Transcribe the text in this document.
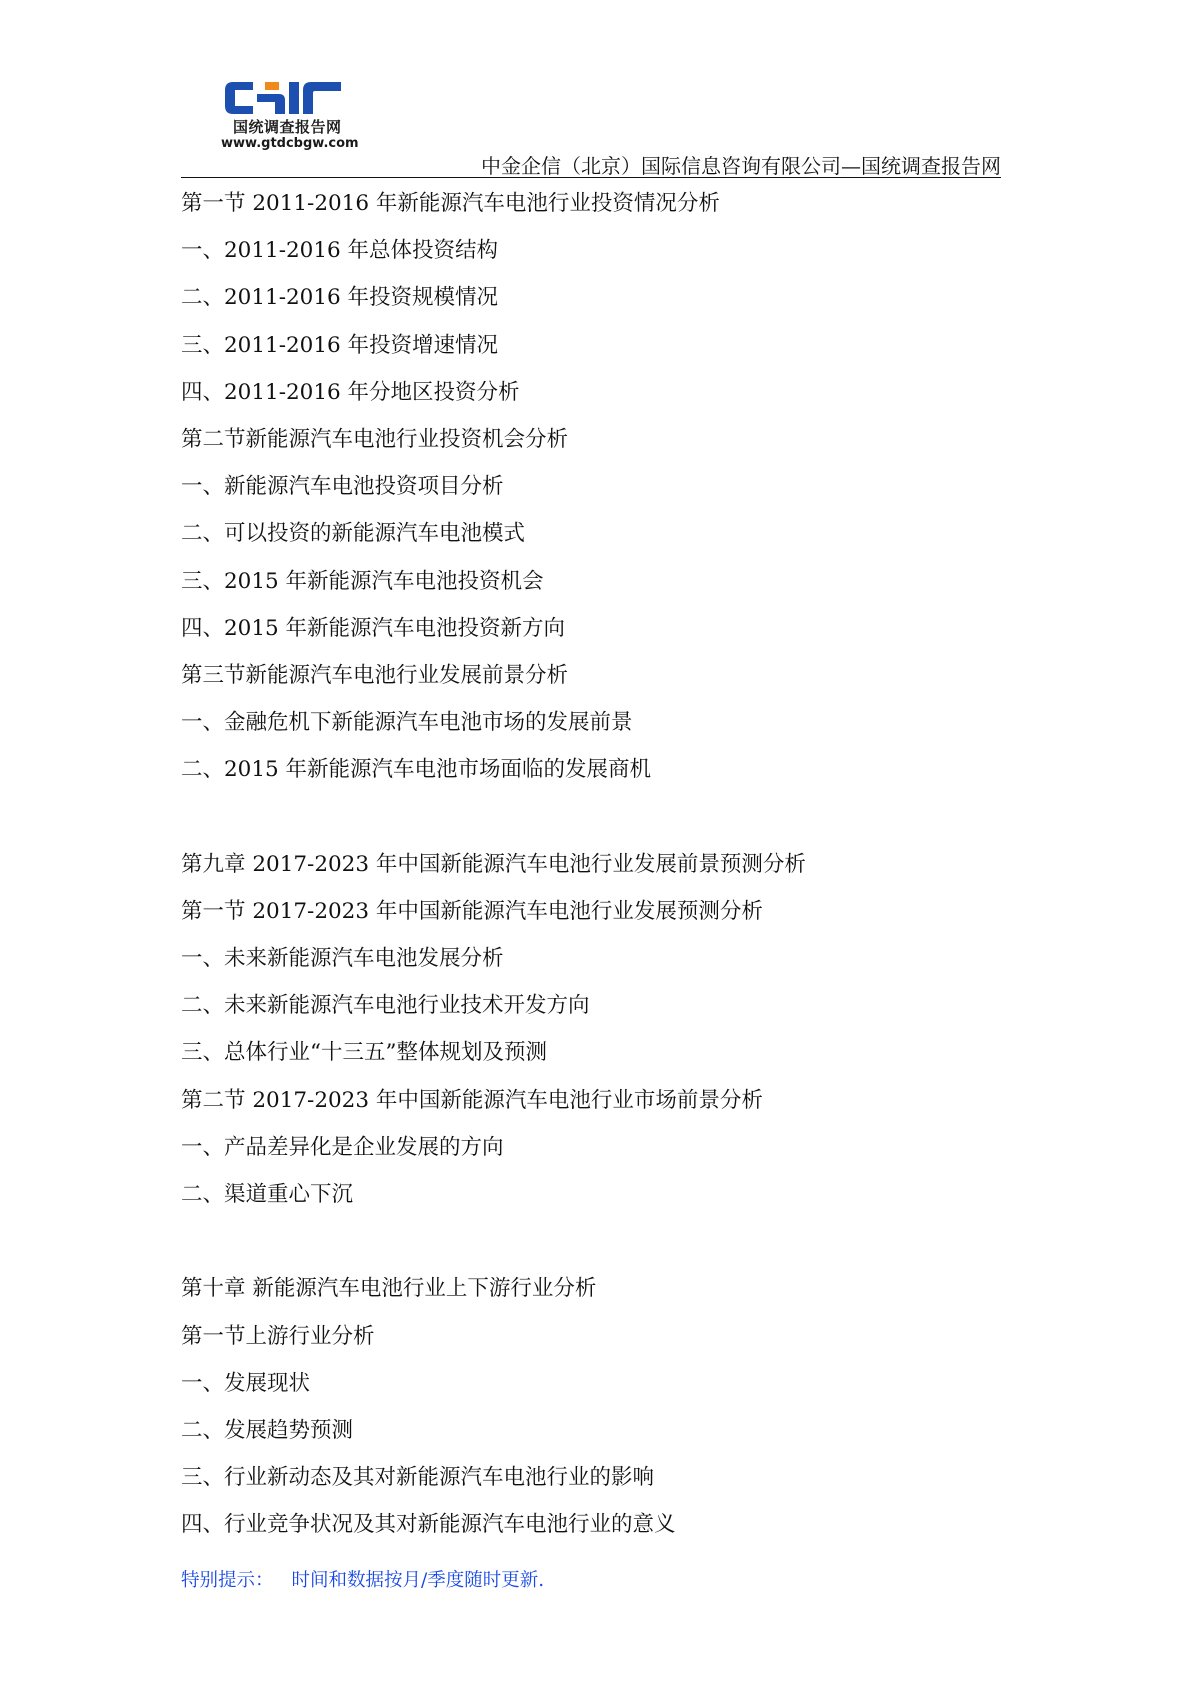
国统调查报告网
www.gtdcbgw.com
中金企信（北京）国际信息咨询有限公司—国统调查报告网
第一节 2011-2016 年新能源汽车电池行业投资情况分析
一、2011-2016 年总体投资结构
二、2011-2016 年投资规模情况
三、2011-2016 年投资增速情况
四、2011-2016 年分地区投资分析
第二节新能源汽车电池行业投资机会分析
一、新能源汽车电池投资项目分析
二、可以投资的新能源汽车电池模式
三、2015 年新能源汽车电池投资机会
四、2015 年新能源汽车电池投资新方向
第三节新能源汽车电池行业发展前景分析
一、金融危机下新能源汽车电池市场的发展前景
二、2015 年新能源汽车电池市场面临的发展商机
第九章 2017-2023 年中国新能源汽车电池行业发展前景预测分析
第一节 2017-2023 年中国新能源汽车电池行业发展预测分析
一、未来新能源汽车电池发展分析
二、未来新能源汽车电池行业技术开发方向
三、总体行业“十三五”整体规划及预测
第二节 2017-2023 年中国新能源汽车电池行业市场前景分析
一、产品差异化是企业发展的方向
二、渠道重心下沉
第十章 新能源汽车电池行业上下游行业分析
第一节上游行业分析
一、发展现状
二、发展趋势预测
三、行业新动态及其对新能源汽车电池行业的影响
四、行业竞争状况及其对新能源汽车电池行业的意义
特别提示： 时间和数据按月/季度随时更新.
